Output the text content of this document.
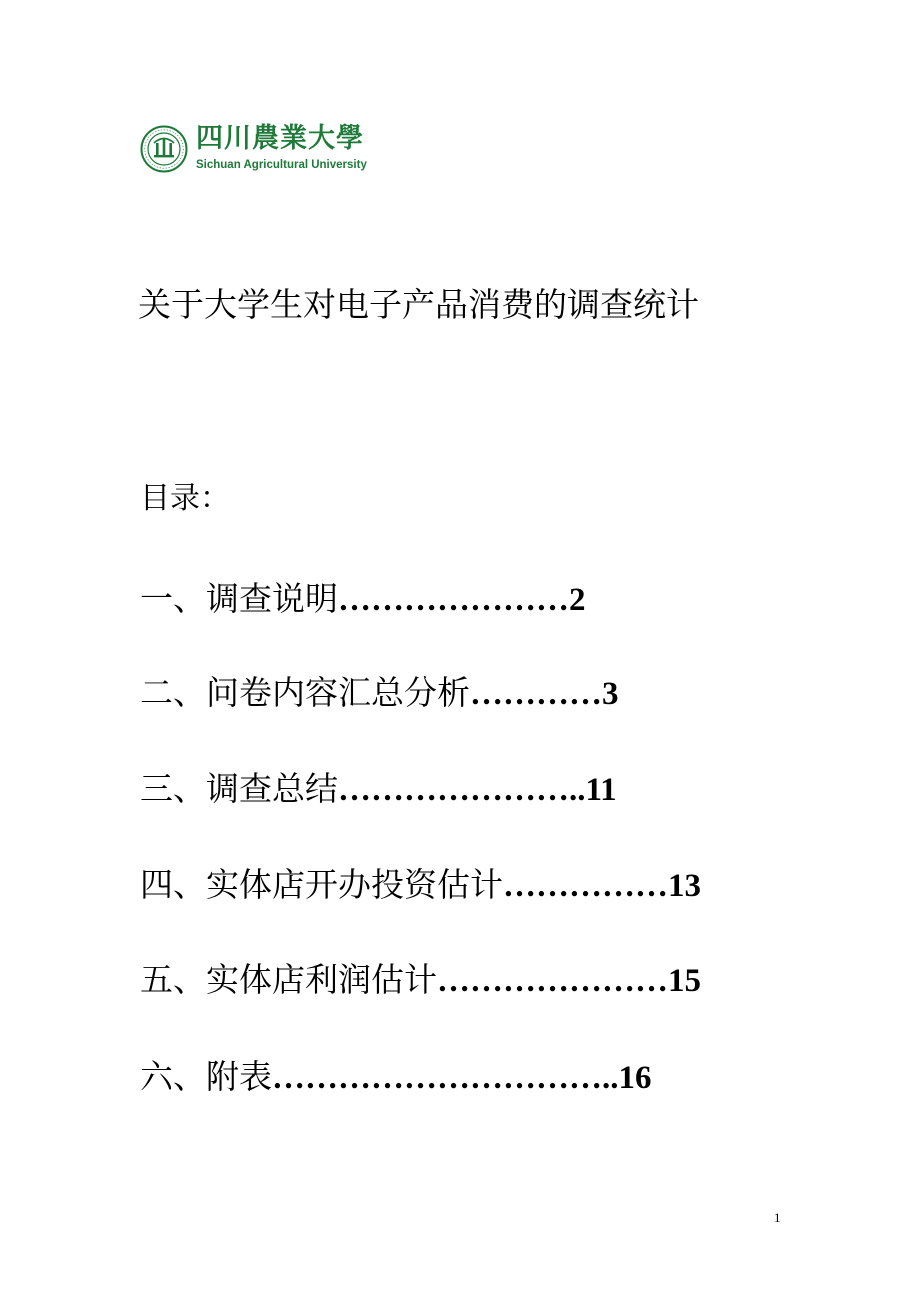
四川農業大學
Sichuan Agricultural University
关于大学生对电子产品消费的调查统计
目录：
一、调查说明…………………2
二、问卷内容汇总分析…………3
三、调查总结…………………..11
四、实体店开办投资估计……………13
五、实体店利润估计…………………15
六、附表…………………………..16
1
